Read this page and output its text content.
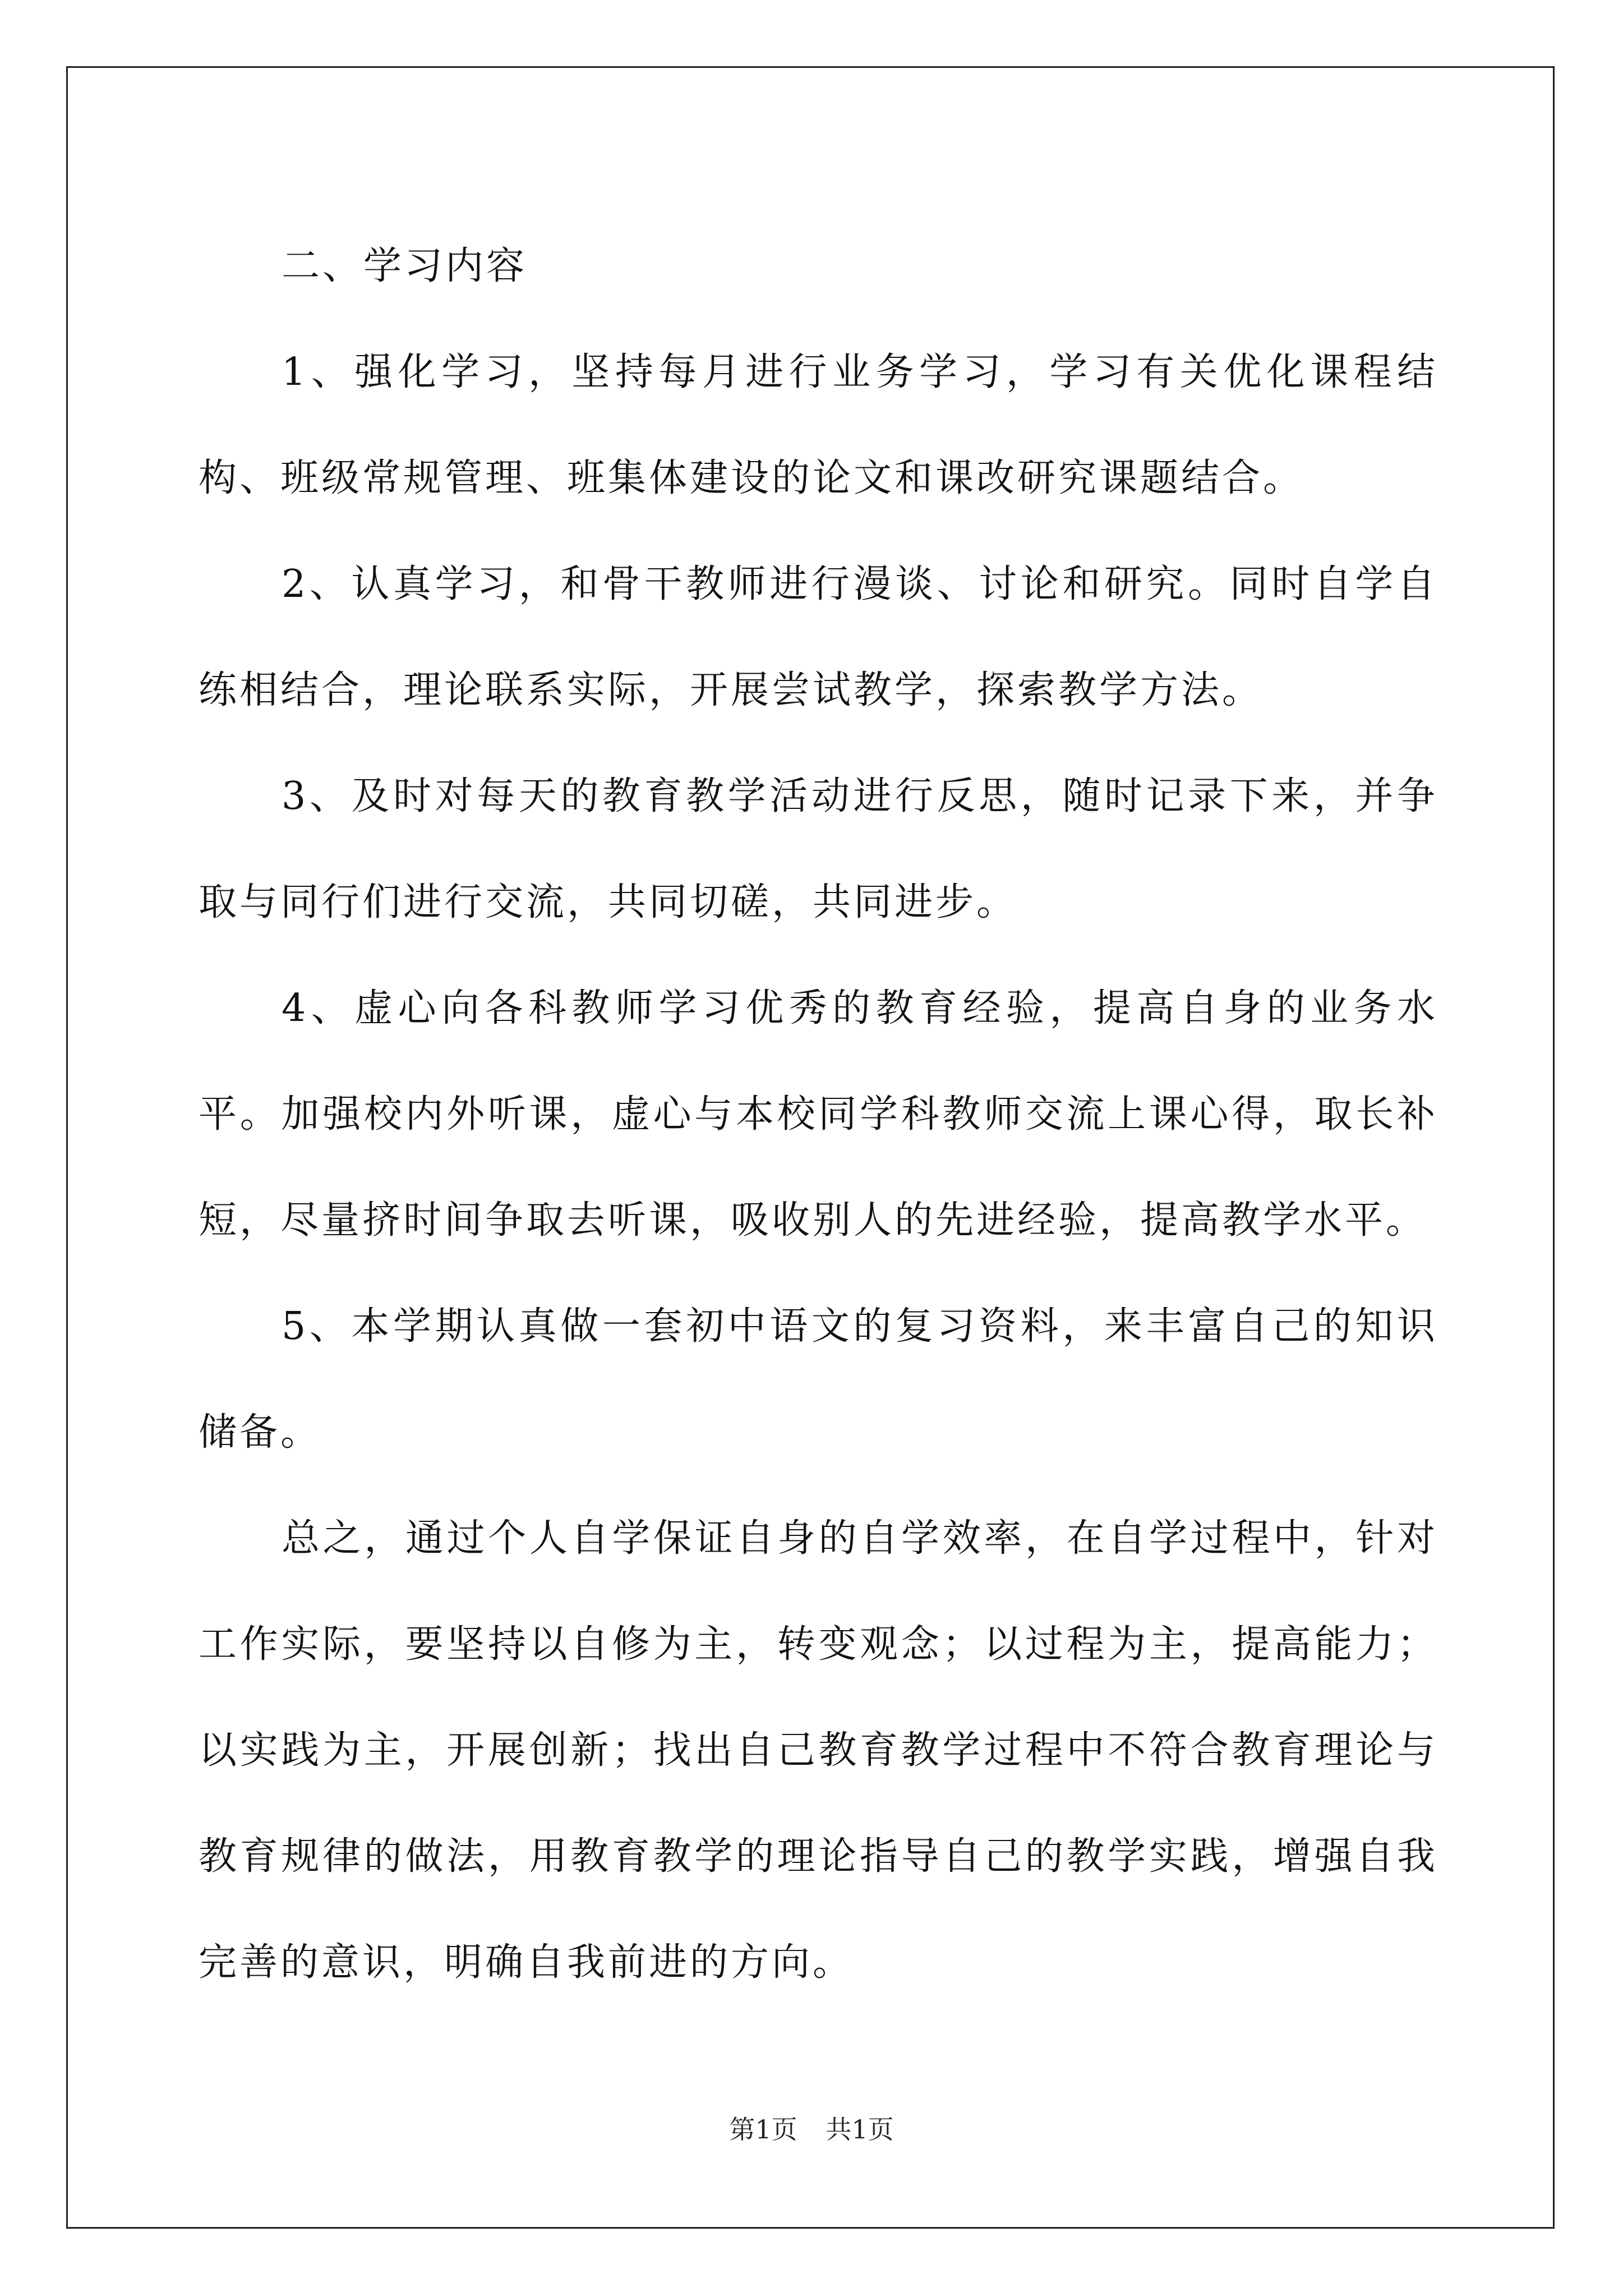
二、学习内容

1、强化学习，坚持每月进行业务学习，学习有关优化课程结构、班级常规管理、班集体建设的论文和课改研究课题结合。

2、认真学习，和骨干教师进行漫谈、讨论和研究。同时自学自练相结合，理论联系实际，开展尝试教学，探索教学方法。

3、及时对每天的教育教学活动进行反思，随时记录下来，并争取与同行们进行交流，共同切磋，共同进步。

4、虚心向各科教师学习优秀的教育经验，提高自身的业务水平。加强校内外听课，虚心与本校同学科教师交流上课心得，取长补短，尽量挤时间争取去听课，吸收别人的先进经验，提高教学水平。

5、本学期认真做一套初中语文的复习资料，来丰富自己的知识储备。

总之，通过个人自学保证自身的自学效率，在自学过程中，针对工作实际，要坚持以自修为主，转变观念；以过程为主，提高能力；以实践为主，开展创新；找出自己教育教学过程中不符合教育理论与教育规律的做法，用教育教学的理论指导自己的教学实践，增强自我完善的意识，明确自我前进的方向。

第1页 共1页
